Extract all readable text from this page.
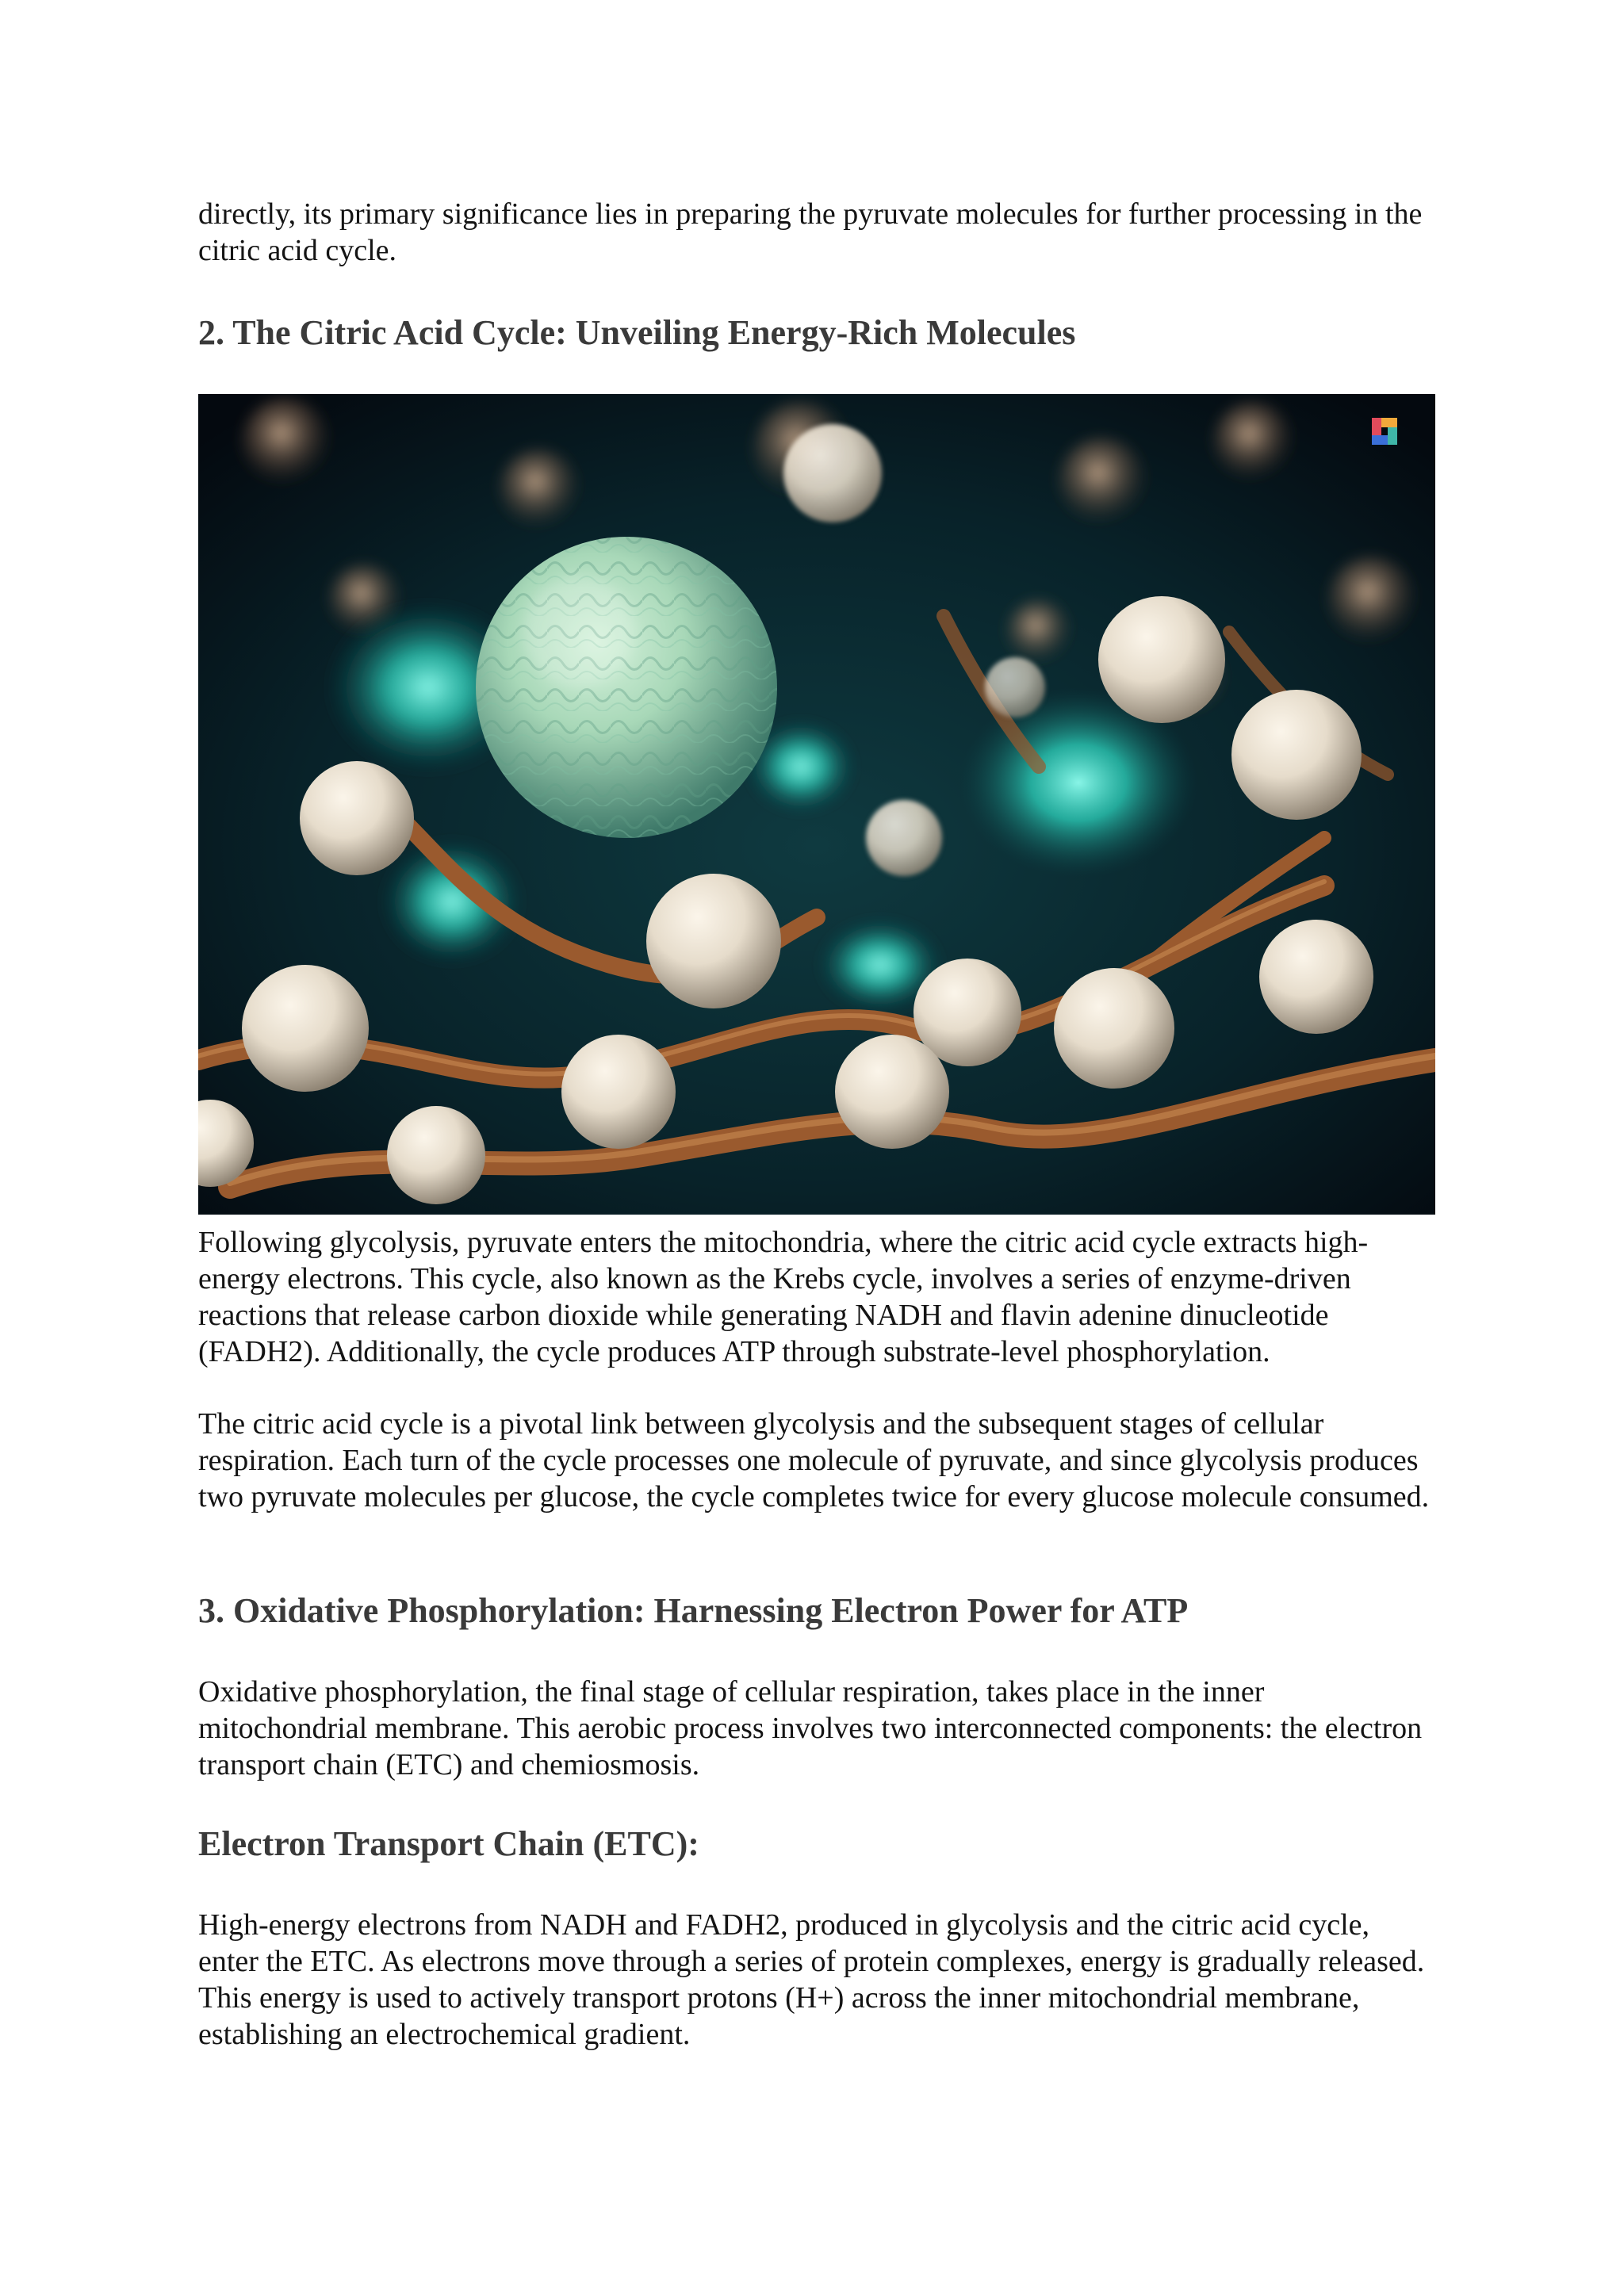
directly, its primary significance lies in preparing the pyruvate molecules for further processing in the citric acid cycle.

2. The Citric Acid Cycle: Unveiling Energy-Rich Molecules

Following glycolysis, pyruvate enters the mitochondria, where the citric acid cycle extracts high-energy electrons. This cycle, also known as the Krebs cycle, involves a series of enzyme-driven reactions that release carbon dioxide while generating NADH and flavin adenine dinucleotide (FADH2). Additionally, the cycle produces ATP through substrate-level phosphorylation.

The citric acid cycle is a pivotal link between glycolysis and the subsequent stages of cellular respiration. Each turn of the cycle processes one molecule of pyruvate, and since glycolysis produces two pyruvate molecules per glucose, the cycle completes twice for every glucose molecule consumed.

3. Oxidative Phosphorylation: Harnessing Electron Power for ATP

Oxidative phosphorylation, the final stage of cellular respiration, takes place in the inner mitochondrial membrane. This aerobic process involves two interconnected components: the electron transport chain (ETC) and chemiosmosis.

Electron Transport Chain (ETC):

High-energy electrons from NADH and FADH2, produced in glycolysis and the citric acid cycle, enter the ETC. As electrons move through a series of protein complexes, energy is gradually released. This energy is used to actively transport protons (H+) across the inner mitochondrial membrane, establishing an electrochemical gradient.
